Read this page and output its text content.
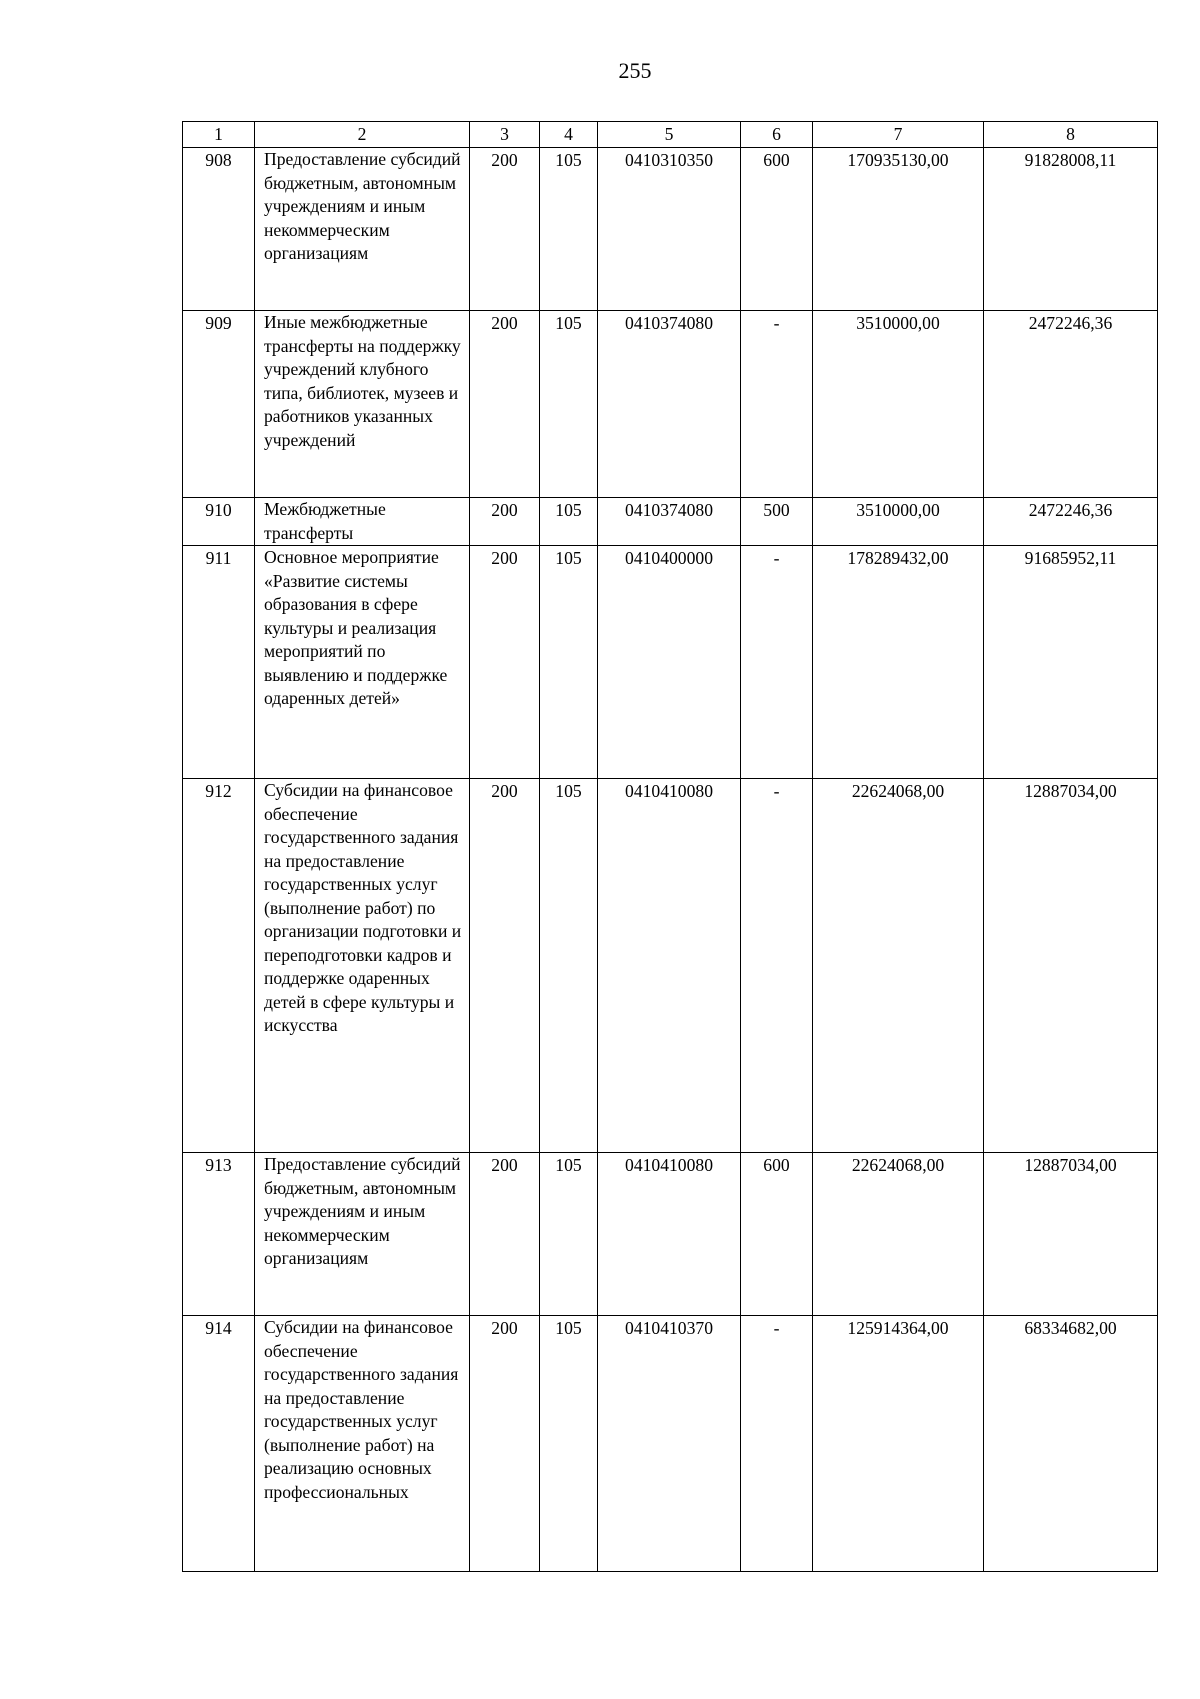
255
1	2	3	4	5	6	7	8
908	Предоставление субсидий бюджетным, автономным учреждениям и иным некоммерческим организациям	200	105	0410310350	600	170935130,00	91828008,11
909	Иные межбюджетные трансферты на поддержку учреждений клубного типа, библиотек, музеев и работников указанных учреждений	200	105	0410374080	-	3510000,00	2472246,36
910	Межбюджетные трансферты	200	105	0410374080	500	3510000,00	2472246,36
911	Основное мероприятие «Развитие системы образования в сфере культуры и реализация мероприятий по выявлению и поддержке одаренных детей»	200	105	0410400000	-	178289432,00	91685952,11
912	Субсидии на финансовое обеспечение государственного задания на предоставление государственных услуг (выполнение работ) по организации подготовки и переподготовки кадров и поддержке одаренных детей в сфере культуры и искусства	200	105	0410410080	-	22624068,00	12887034,00
913	Предоставление субсидий бюджетным, автономным учреждениям и иным некоммерческим организациям	200	105	0410410080	600	22624068,00	12887034,00
914	Субсидии на финансовое обеспечение государственного задания на предоставление государственных услуг (выполнение работ) на реализацию основных профессиональных	200	105	0410410370	-	125914364,00	68334682,00
